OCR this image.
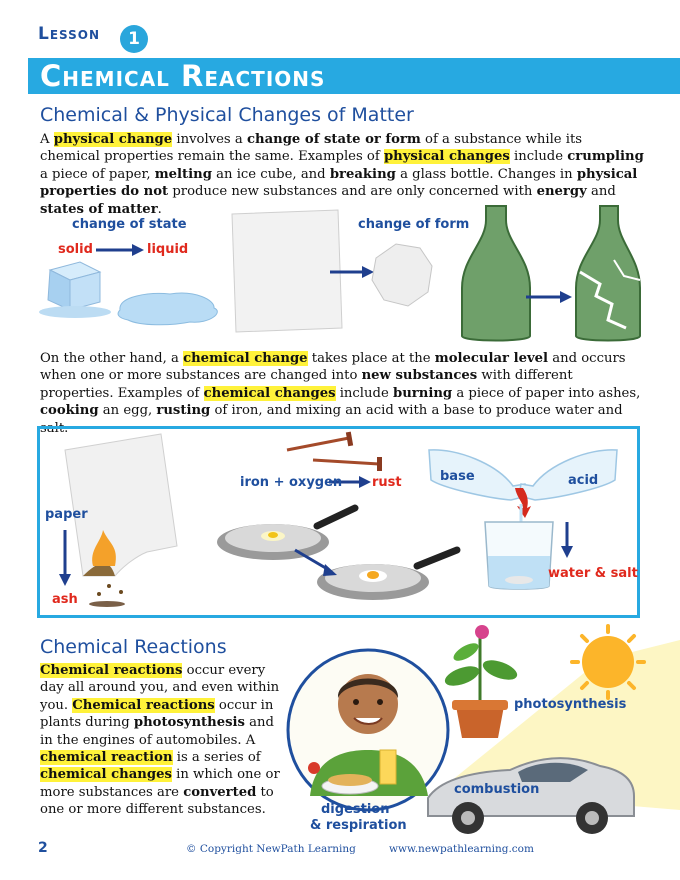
Lesson	1
Chemical Reactions
Chemical & Physical Changes of Matter
A physical change involves a change of state or form of a substance while its chemical properties remain the same. Examples of physical changes include crumpling a piece of paper, melting an ice cube, and breaking a glass bottle. Changes in physical properties do not produce new substances and are only concerned with energy and states of matter.
change of state
solid	liquid
change of form
On the other hand, a chemical change takes place at the molecular level and occurs when one or more substances are changed into new substances with different properties. Examples of chemical changes include burning a piece of paper into ashes, cooking an egg, rusting of iron, and mixing an acid with a base to produce water and salt.
paper
ash
iron + oxygen rust	base	acid
water & salt
Chemical Reactions
Chemical reactions occur every day all around you, and even within you. Chemical reactions occur in plants during photosynthesis and in the engines of automobiles. A chemical reaction is a series of chemical changes in which one or more substances are converted to one or more different substances.
photosynthesis
combustion
digestion
& respiration
2	© Copyright NewPath Learning	www.newpathlearning.com
